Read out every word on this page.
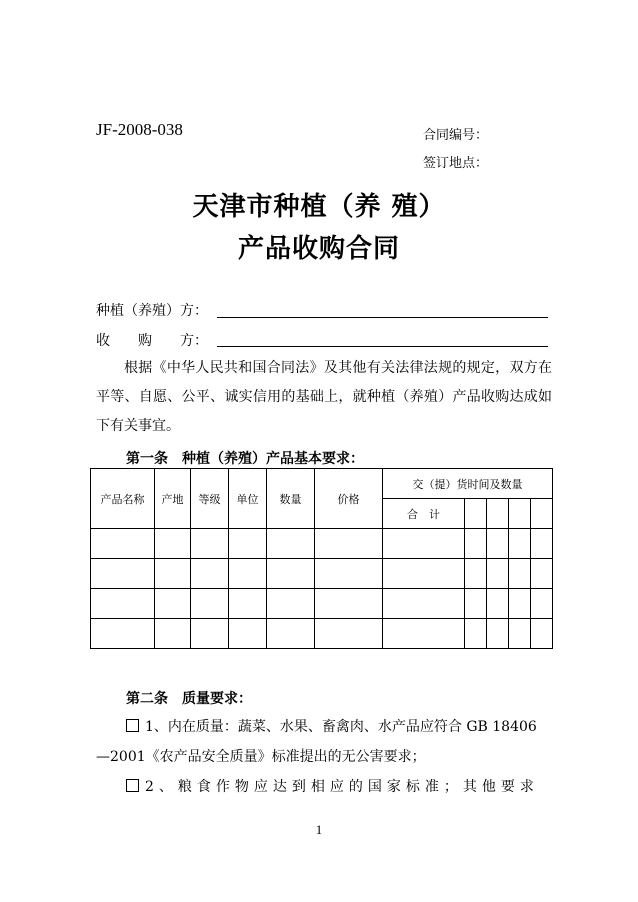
JF-2008-038	合同编号：
签订地点：
天津市种植（养 殖）
产品收购合同
种植（养殖）方：
收　　购　　方：
根据《中华人民共和国合同法》及其他有关法律法规的规定，双方在平等、自愿、公平、诚实信用的基础上，就种植（养殖）产品收购达成如下有关事宜。
第一条　种植（养殖）产品基本要求：
产品名称	产地	等级	单位	数量	价格	交（提）货时间及数量				
						合　计				

第二条　质量要求：
1、内在质量：蔬菜、水果、畜禽肉、水产品应符合 GB 18406
—2001《农产品安全质量》标准提出的无公害要求；
2、粮食作物应达到相应的国家标准；其他要求
1
